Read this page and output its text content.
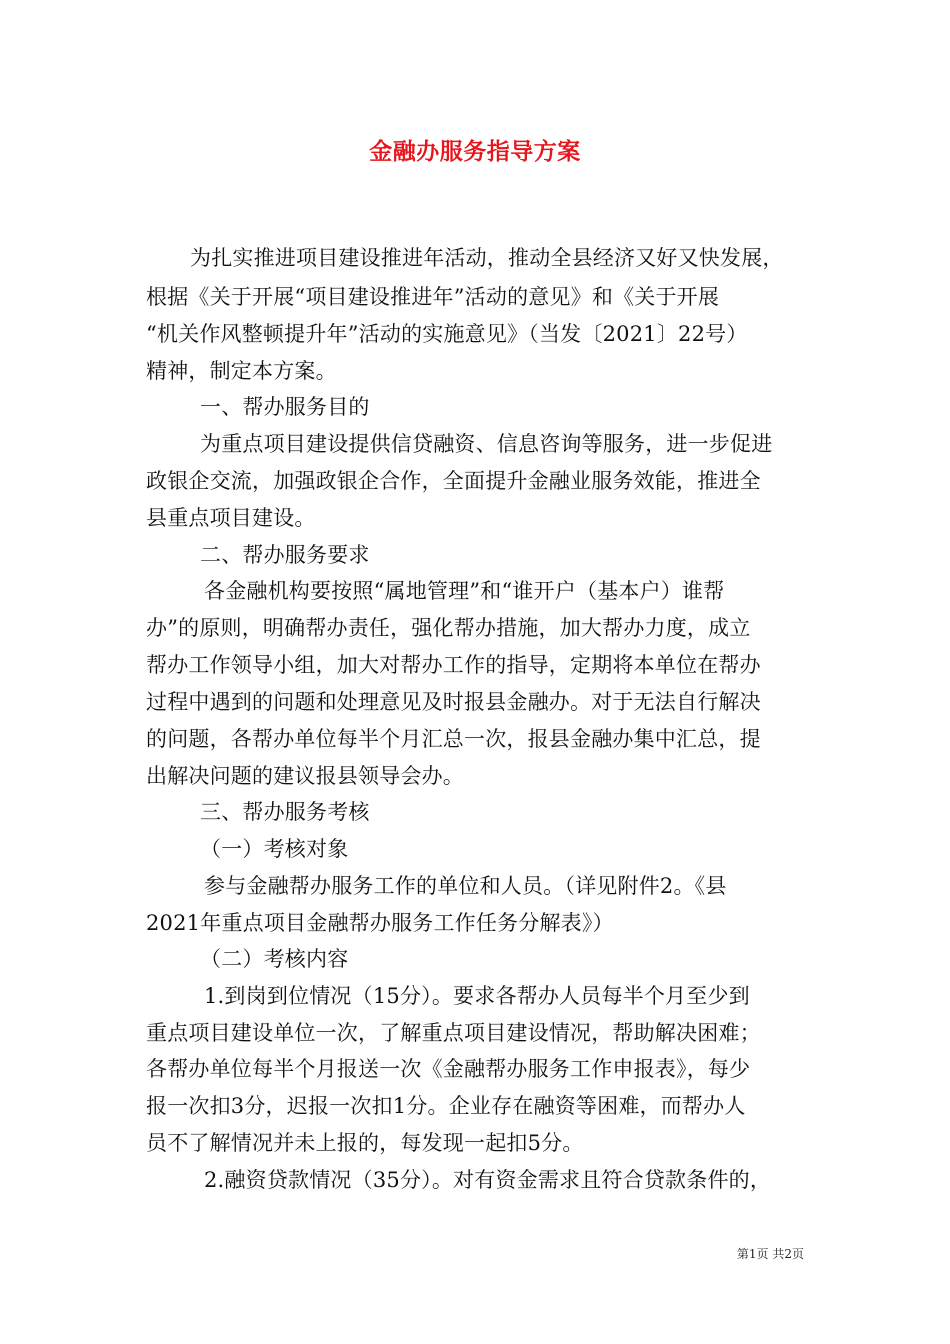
金融办服务指导方案
为扎实推进项目建设推进年活动，推动全县经济又好又快发展，
根据《关于开展“项目建设推进年”活动的意见》和《关于开展
“机关作风整顿提升年”活动的实施意见》（当发〔2021〕22号）
精神，制定本方案。
一、帮办服务目的
为重点项目建设提供信贷融资、信息咨询等服务，进一步促进
政银企交流，加强政银企合作，全面提升金融业服务效能，推进全
县重点项目建设。
二、帮办服务要求
各金融机构要按照“属地管理”和“谁开户（基本户）谁帮
办”的原则，明确帮办责任，强化帮办措施，加大帮办力度，成立
帮办工作领导小组，加大对帮办工作的指导，定期将本单位在帮办
过程中遇到的问题和处理意见及时报县金融办。对于无法自行解决
的问题，各帮办单位每半个月汇总一次，报县金融办集中汇总，提
出解决问题的建议报县领导会办。
三、帮办服务考核
（一）考核对象
参与金融帮办服务工作的单位和人员。（详见附件2。《县
2021年重点项目金融帮办服务工作任务分解表》）
（二）考核内容
1.到岗到位情况（15分）。要求各帮办人员每半个月至少到
重点项目建设单位一次，了解重点项目建设情况，帮助解决困难；
各帮办单位每半个月报送一次《金融帮办服务工作申报表》，每少
报一次扣3分，迟报一次扣1分。企业存在融资等困难，而帮办人
员不了解情况并未上报的，每发现一起扣5分。
2.融资贷款情况（35分）。对有资金需求且符合贷款条件的，
第1页 共2页
